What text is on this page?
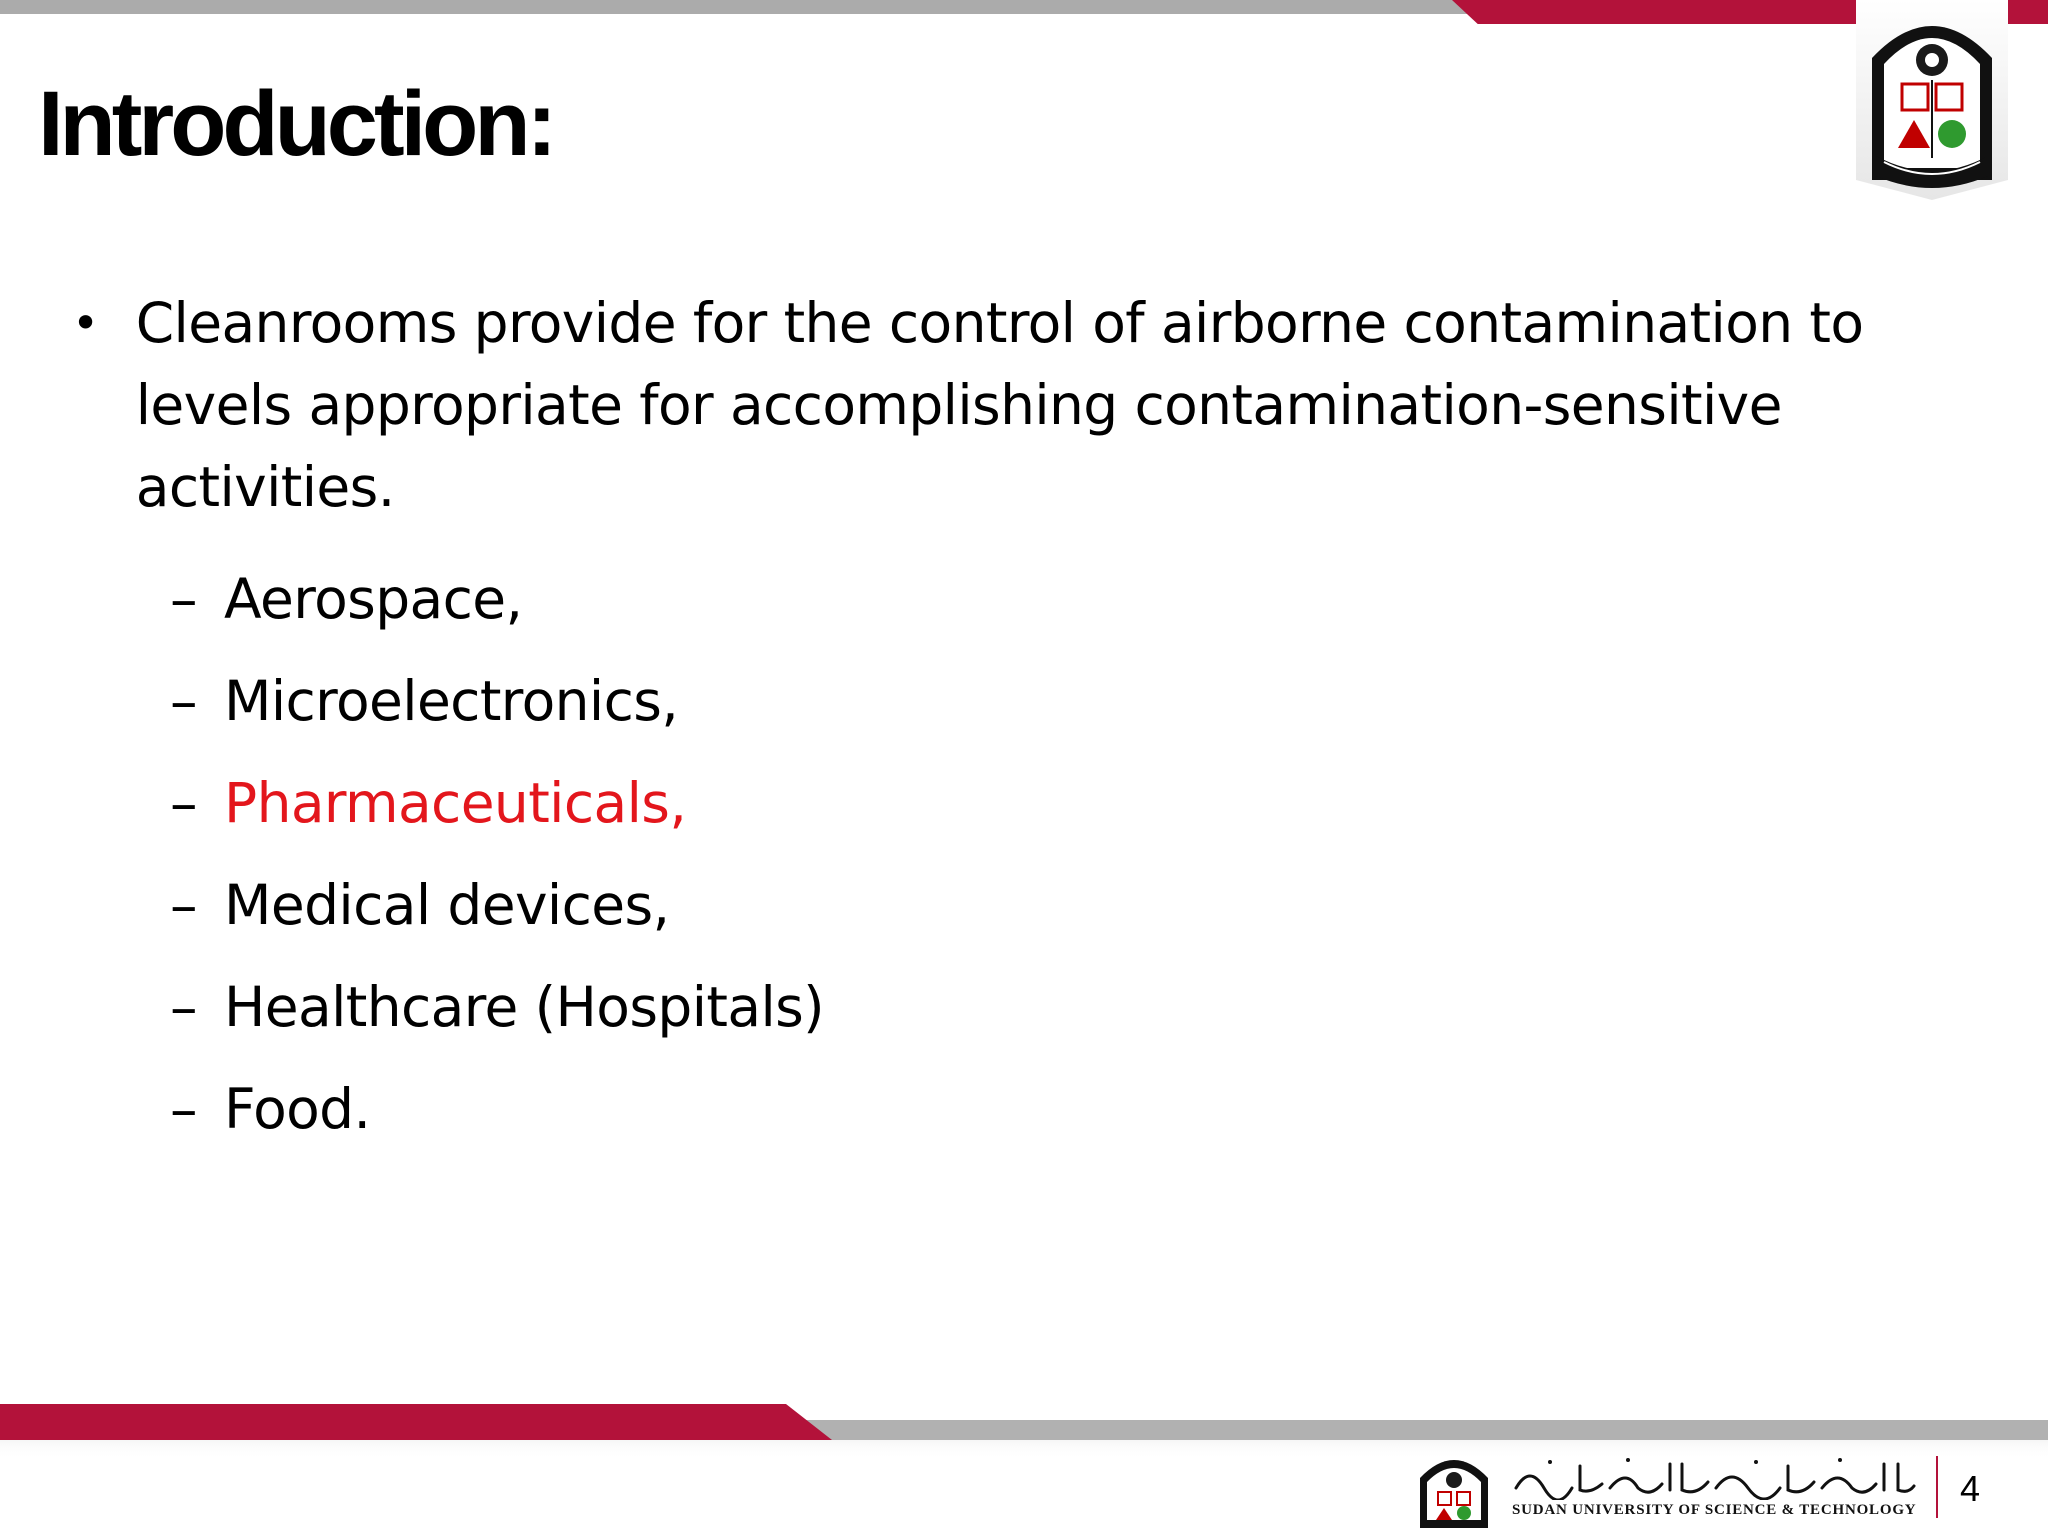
Introduction:
• Cleanrooms provide for the control of airborne contamination to levels appropriate for accomplishing contamination-sensitive activities.
– Aerospace,
– Microelectronics,
– Pharmaceuticals,
– Medical devices,
– Healthcare (Hospitals)
– Food.
SUDAN UNIVERSITY OF SCIENCE & TECHNOLOGY
4
